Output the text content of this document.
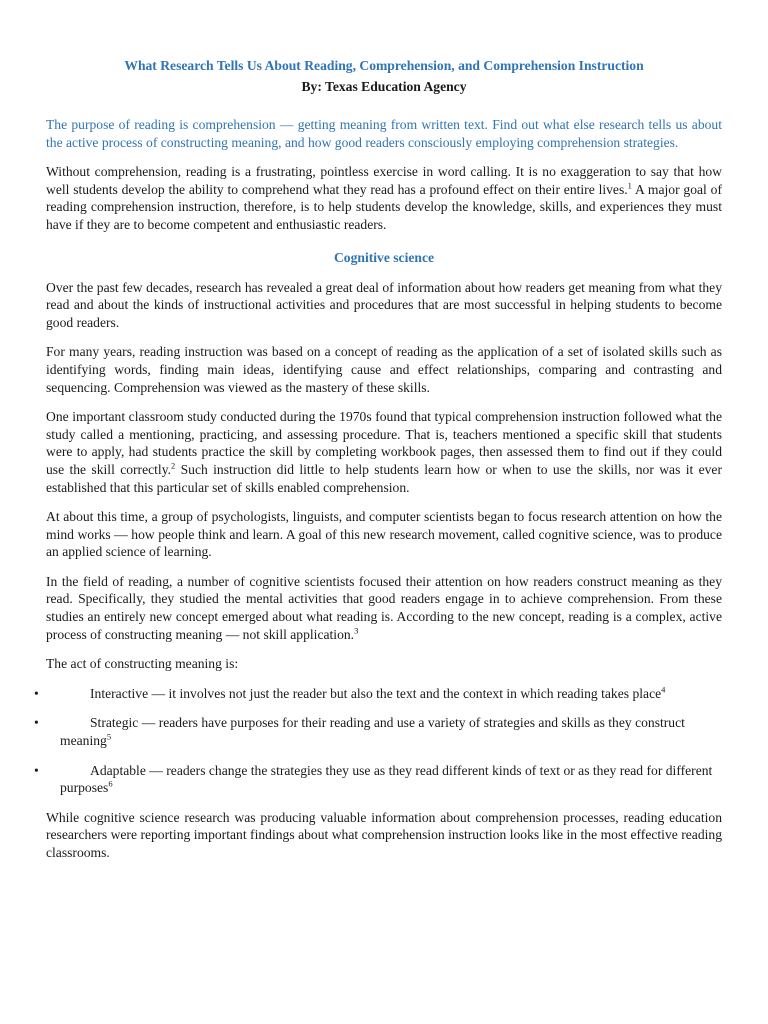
What Research Tells Us About Reading, Comprehension, and Comprehension Instruction
By: Texas Education Agency

The purpose of reading is comprehension — getting meaning from written text. Find out what else research tells us about the active process of constructing meaning, and how good readers consciously employing comprehension strategies.

Without comprehension, reading is a frustrating, pointless exercise in word calling. It is no exaggeration to say that how well students develop the ability to comprehend what they read has a profound effect on their entire lives.$^1$ A major goal of reading comprehension instruction, therefore, is to help students develop the knowledge, skills, and experiences they must have if they are to become competent and enthusiastic readers.

Cognitive science

Over the past few decades, research has revealed a great deal of information about how readers get meaning from what they read and about the kinds of instructional activities and procedures that are most successful in helping students to become good readers.

For many years, reading instruction was based on a concept of reading as the application of a set of isolated skills such as identifying words, finding main ideas, identifying cause and effect relationships, comparing and contrasting and sequencing. Comprehension was viewed as the mastery of these skills.

One important classroom study conducted during the 1970s found that typical comprehension instruction followed what the study called a mentioning, practicing, and assessing procedure. That is, teachers mentioned a specific skill that students were to apply, had students practice the skill by completing workbook pages, then assessed them to find out if they could use the skill correctly.$^2$ Such instruction did little to help students learn how or when to use the skills, nor was it ever established that this particular set of skills enabled comprehension.

At about this time, a group of psychologists, linguists, and computer scientists began to focus research attention on how the mind works — how people think and learn. A goal of this new research movement, called cognitive science, was to produce an applied science of learning.

In the field of reading, a number of cognitive scientists focused their attention on how readers construct meaning as they read. Specifically, they studied the mental activities that good readers engage in to achieve comprehension. From these studies an entirely new concept emerged about what reading is. According to the new concept, reading is a complex, active process of constructing meaning — not skill application.$^3$

The act of constructing meaning is:

•	Interactive — it involves not just the reader but also the text and the context in which reading takes place$^4$
•	Strategic — readers have purposes for their reading and use a variety of strategies and skills as they construct meaning$^5$
•	Adaptable — readers change the strategies they use as they read different kinds of text or as they read for different purposes$^6$

While cognitive science research was producing valuable information about comprehension processes, reading education researchers were reporting important findings about what comprehension instruction looks like in the most effective reading classrooms.
